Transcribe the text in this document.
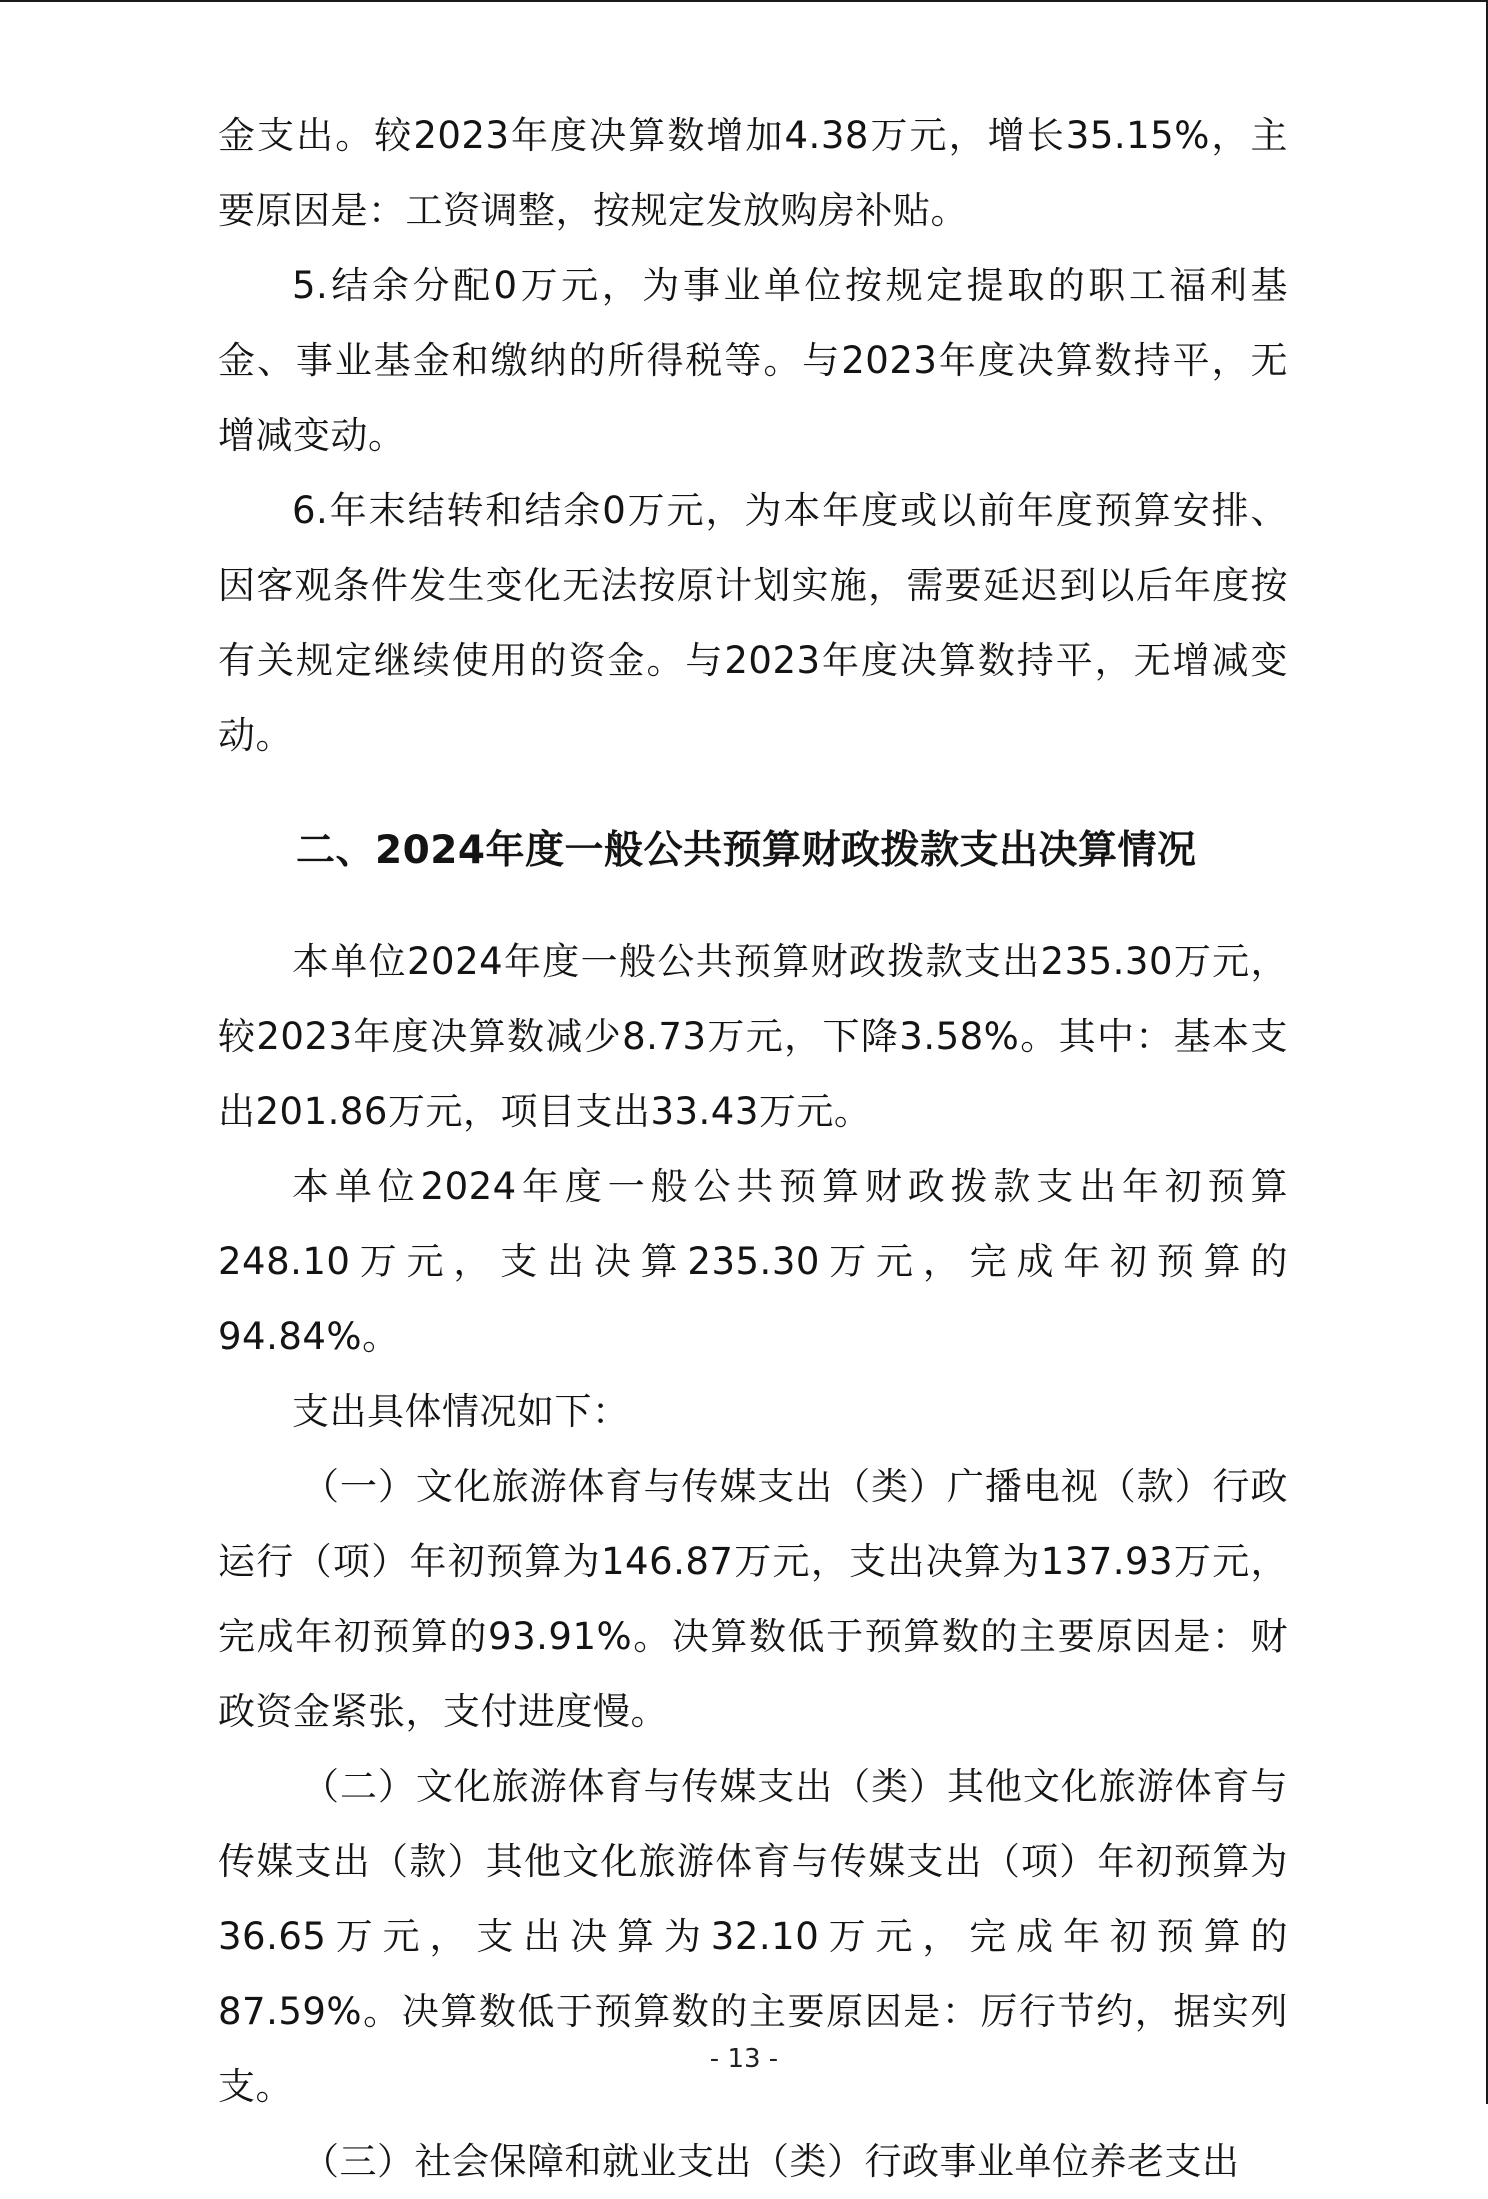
金支出。较2023年度决算数增加4.38万元，增长35.15%，主要原因是：工资调整，按规定发放购房补贴。

5.结余分配0万元，为事业单位按规定提取的职工福利基金、事业基金和缴纳的所得税等。与2023年度决算数持平，无增减变动。

6.年末结转和结余0万元，为本年度或以前年度预算安排、因客观条件发生变化无法按原计划实施，需要延迟到以后年度按有关规定继续使用的资金。与2023年度决算数持平，无增减变动。

二、2024年度一般公共预算财政拨款支出决算情况

本单位2024年度一般公共预算财政拨款支出235.30万元，较2023年度决算数减少8.73万元，下降3.58%。其中：基本支出201.86万元，项目支出33.43万元。

本单位2024年度一般公共预算财政拨款支出年初预算248.10万元，支出决算235.30万元，完成年初预算的94.84%。

支出具体情况如下：

（一）文化旅游体育与传媒支出（类）广播电视（款）行政运行（项）年初预算为146.87万元，支出决算为137.93万元，完成年初预算的93.91%。决算数低于预算数的主要原因是：财政资金紧张，支付进度慢。

（二）文化旅游体育与传媒支出（类）其他文化旅游体育与传媒支出（款）其他文化旅游体育与传媒支出（项）年初预算为36.65万元，支出决算为32.10万元，完成年初预算的87.59%。决算数低于预算数的主要原因是：厉行节约，据实列支。

（三）社会保障和就业支出（类）行政事业单位养老支出

- 13 -
